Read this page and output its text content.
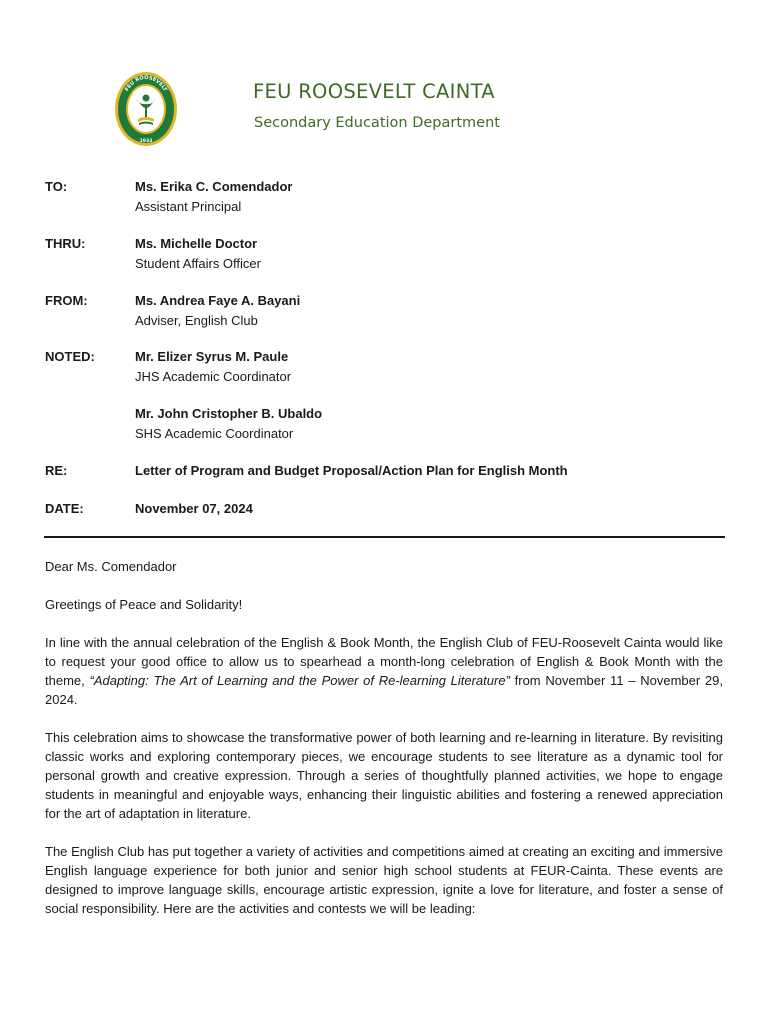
FEU ROOSEVELT
1933
FEU ROOSEVELT CAINTA
Secondary Education Department
TO:	Ms. Erika C. Comendador
Assistant Principal
THRU:	Ms. Michelle Doctor
Student Affairs Officer
FROM:	Ms. Andrea Faye A. Bayani
Adviser, English Club
NOTED:	Mr. Elizer Syrus M. Paule
JHS Academic Coordinator
Mr. John Cristopher B. Ubaldo
SHS Academic Coordinator
RE:	Letter of Program and Budget Proposal/Action Plan for English Month
DATE:	November 07, 2024

Dear Ms. Comendador

Greetings of Peace and Solidarity!

In line with the annual celebration of the English & Book Month, the English Club of FEU-Roosevelt Cainta would like to request your good office to allow us to spearhead a month-long celebration of English & Book Month with the theme, “Adapting: The Art of Learning and the Power of Re-learning Literature” from November 11 – November 29, 2024.

This celebration aims to showcase the transformative power of both learning and re-learning in literature. By revisiting classic works and exploring contemporary pieces, we encourage students to see literature as a dynamic tool for personal growth and creative expression. Through a series of thoughtfully planned activities, we hope to engage students in meaningful and enjoyable ways, enhancing their linguistic abilities and fostering a renewed appreciation for the art of adaptation in literature.

The English Club has put together a variety of activities and competitions aimed at creating an exciting and immersive English language experience for both junior and senior high school students at FEUR-Cainta. These events are designed to improve language skills, encourage artistic expression, ignite a love for literature, and foster a sense of social responsibility. Here are the activities and contests we will be leading:
